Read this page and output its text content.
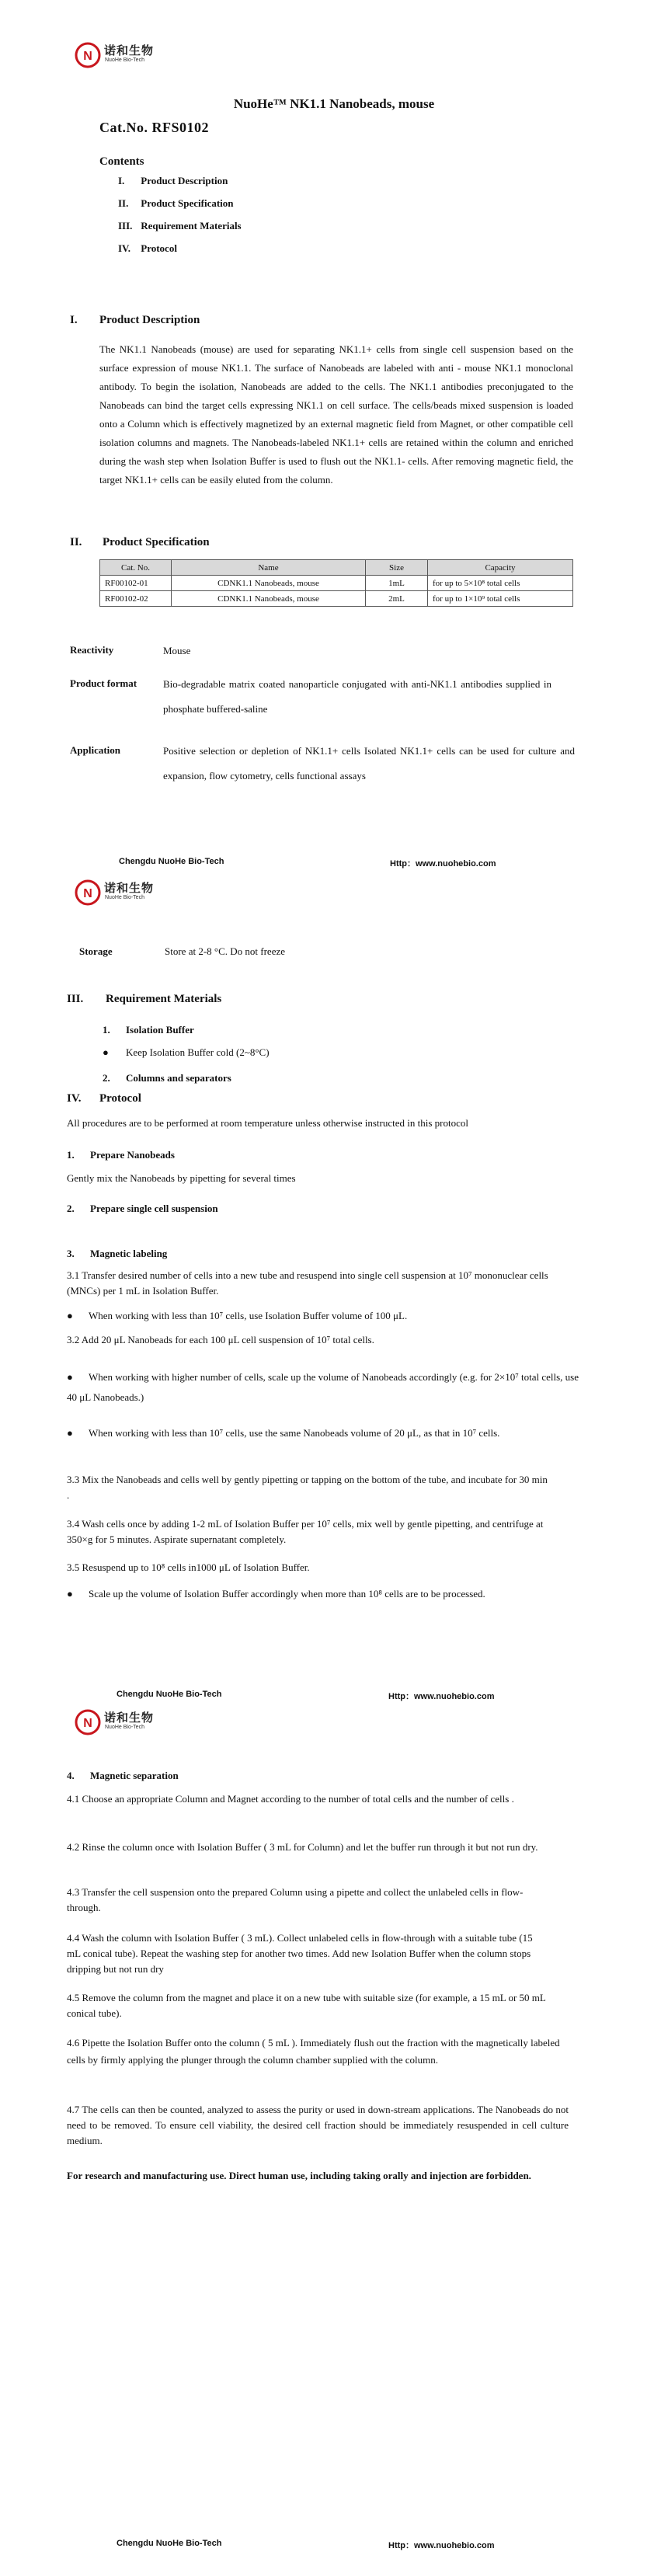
N 诺和生物
NuoHe Bio-Tech
NuoHe™ NK1.1 Nanobeads, mouse
Cat.No. RFS0102
Contents
I. Product Description
II. Product Specification
III. Requirement Materials
IV. Protocol
I. Product Description
The NK1.1 Nanobeads (mouse) are used for separating NK1.1+ cells from single cell suspension based on the surface expression of mouse NK1.1. The surface of Nanobeads are labeled with anti - mouse NK1.1 monoclonal antibody. To begin the isolation, Nanobeads are added to the cells. The NK1.1 antibodies preconjugated to the Nanobeads can bind the target cells expressing NK1.1 on cell surface. The cells/beads mixed suspension is loaded onto a Column which is effectively magnetized by an external magnetic field from Magnet, or other compatible cell isolation columns and magnets. The Nanobeads-labeled NK1.1+ cells are retained within the column and enriched during the wash step when Isolation Buffer is used to flush out the NK1.1- cells. After removing magnetic field, the target NK1.1+ cells can be easily eluted from the column.
II. Product Specification
Cat. No.	Name	Size	Capacity
RF00102-01	CDNK1.1 Nanobeads, mouse	1mL	for up to 5×10⁸ total cells
RF00102-02	CDNK1.1 Nanobeads, mouse	2mL	for up to 1×10⁹ total cells
Reactivity	Mouse
Product format	Bio-degradable matrix coated nanoparticle conjugated with anti-NK1.1 antibodies supplied in phosphate buffered-saline
Application	Positive selection or depletion of NK1.1+ cells Isolated NK1.1+ cells can be used for culture and expansion, flow cytometry, cells functional assays
Chengdu NuoHe Bio-Tech	Http：www.nuohebio.com
N 诺和生物
NuoHe Bio-Tech
Storage	Store at 2-8 °C. Do not freeze
III. Requirement Materials
1. Isolation Buffer
● Keep Isolation Buffer cold (2~8°C)
2. Columns and separators
IV. Protocol
All procedures are to be performed at room temperature unless otherwise instructed in this protocol
1. Prepare Nanobeads
Gently mix the Nanobeads by pipetting for several times
2. Prepare single cell suspension
3. Magnetic labeling
3.1 Transfer desired number of cells into a new tube and resuspend into single cell suspension at 10⁷ mononuclear cells (MNCs) per 1 mL in Isolation Buffer.
● When working with less than 10⁷ cells, use Isolation Buffer volume of 100 μL.
3.2 Add 20 μL Nanobeads for each 100 μL cell suspension of 10⁷ total cells.
● When working with higher number of cells, scale up the volume of Nanobeads accordingly (e.g. for 2×10⁷ total cells, use 40 μL Nanobeads.)
● When working with less than 10⁷ cells, use the same Nanobeads volume of 20 μL, as that in 10⁷ cells.
3.3 Mix the Nanobeads and cells well by gently pipetting or tapping on the bottom of the tube, and incubate for 30 min .
3.4 Wash cells once by adding 1-2 mL of Isolation Buffer per 10⁷ cells, mix well by gentle pipetting, and centrifuge at 350×g for 5 minutes. Aspirate supernatant completely.
3.5 Resuspend up to 10⁸ cells in1000 μL of Isolation Buffer.
● Scale up the volume of Isolation Buffer accordingly when more than 10⁸ cells are to be processed.
Chengdu NuoHe Bio-Tech	Http：www.nuohebio.com
N 诺和生物
NuoHe Bio-Tech
4. Magnetic separation
4.1 Choose an appropriate Column and Magnet according to the number of total cells and the number of cells .
4.2 Rinse the column once with Isolation Buffer ( 3 mL for Column) and let the buffer run through it but not run dry.
4.3 Transfer the cell suspension onto the prepared Column using a pipette and collect the unlabeled cells in flow-through.
4.4 Wash the column with Isolation Buffer ( 3 mL). Collect unlabeled cells in flow-through with a suitable tube (15 mL conical tube). Repeat the washing step for another two times. Add new Isolation Buffer when the column stops dripping but not run dry
4.5 Remove the column from the magnet and place it on a new tube with suitable size (for example, a 15 mL or 50 mL conical tube).
4.6 Pipette the Isolation Buffer onto the column ( 5 mL ). Immediately flush out the fraction with the magnetically labeled cells by firmly applying the plunger through the column chamber supplied with the column.
4.7 The cells can then be counted, analyzed to assess the purity or used in down-stream applications. The Nanobeads do not need to be removed. To ensure cell viability, the desired cell fraction should be immediately resuspended in cell culture medium.
For research and manufacturing use. Direct human use, including taking orally and injection are forbidden.
Chengdu NuoHe Bio-Tech	Http：www.nuohebio.com
